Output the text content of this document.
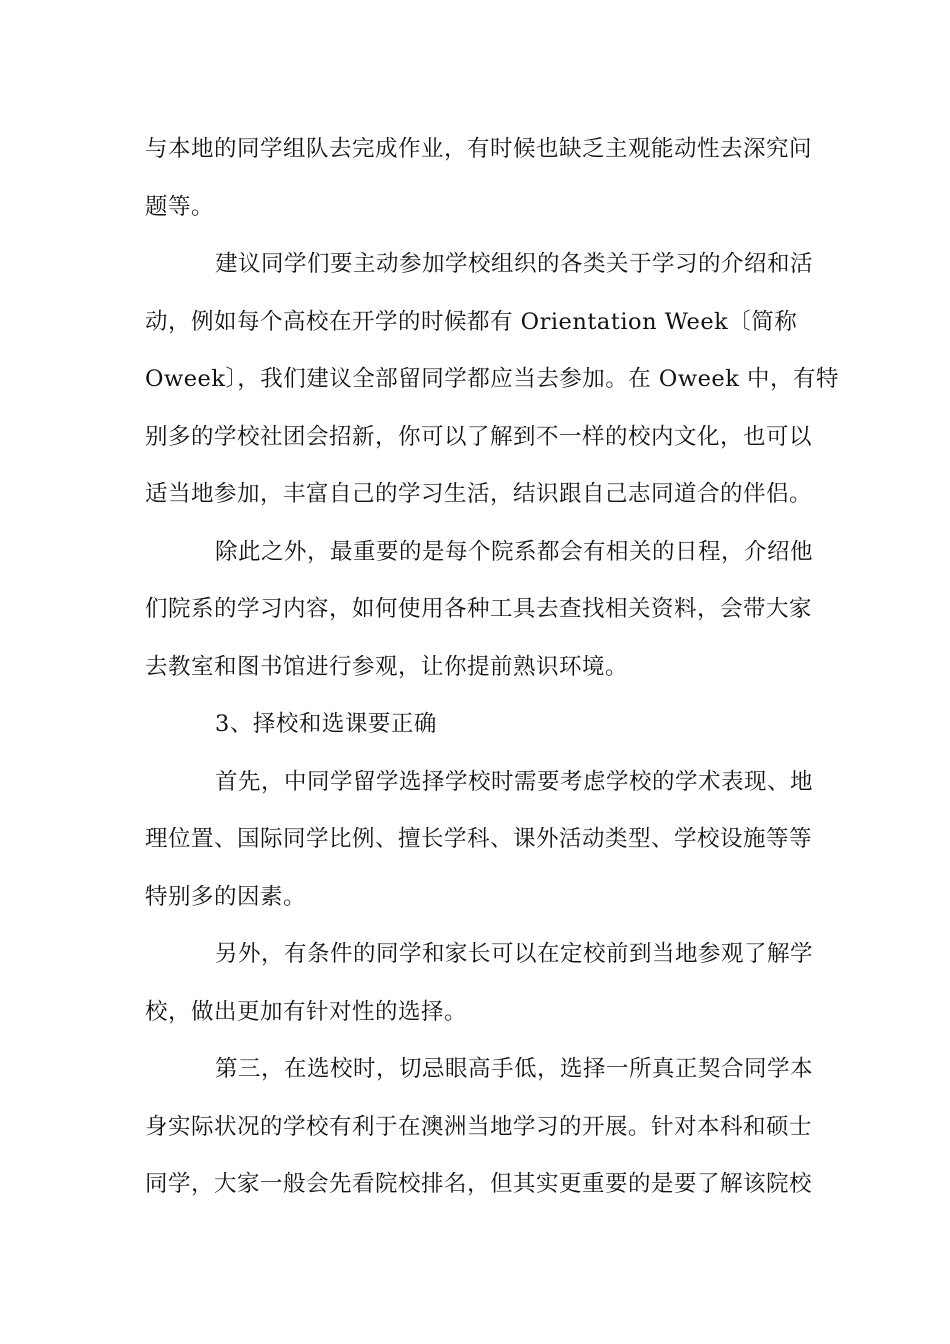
与本地的同学组队去完成作业，有时候也缺乏主观能动性去深究问
题等。
建议同学们要主动参加学校组织的各类关于学习的介绍和活
动，例如每个高校在开学的时候都有 Orientation Week〔简称
Oweek〕，我们建议全部留同学都应当去参加。在 Oweek 中，有特
别多的学校社团会招新，你可以了解到不一样的校内文化，也可以
适当地参加，丰富自己的学习生活，结识跟自己志同道合的伴侣。
除此之外，最重要的是每个院系都会有相关的日程，介绍他
们院系的学习内容，如何使用各种工具去查找相关资料，会带大家
去教室和图书馆进行参观，让你提前熟识环境。
3、择校和选课要正确
首先，中同学留学选择学校时需要考虑学校的学术表现、地
理位置、国际同学比例、擅长学科、课外活动类型、学校设施等等
特别多的因素。
另外，有条件的同学和家长可以在定校前到当地参观了解学
校，做出更加有针对性的选择。
第三，在选校时，切忌眼高手低，选择一所真正契合同学本
身实际状况的学校有利于在澳洲当地学习的开展。针对本科和硕士
同学，大家一般会先看院校排名，但其实更重要的是要了解该院校
